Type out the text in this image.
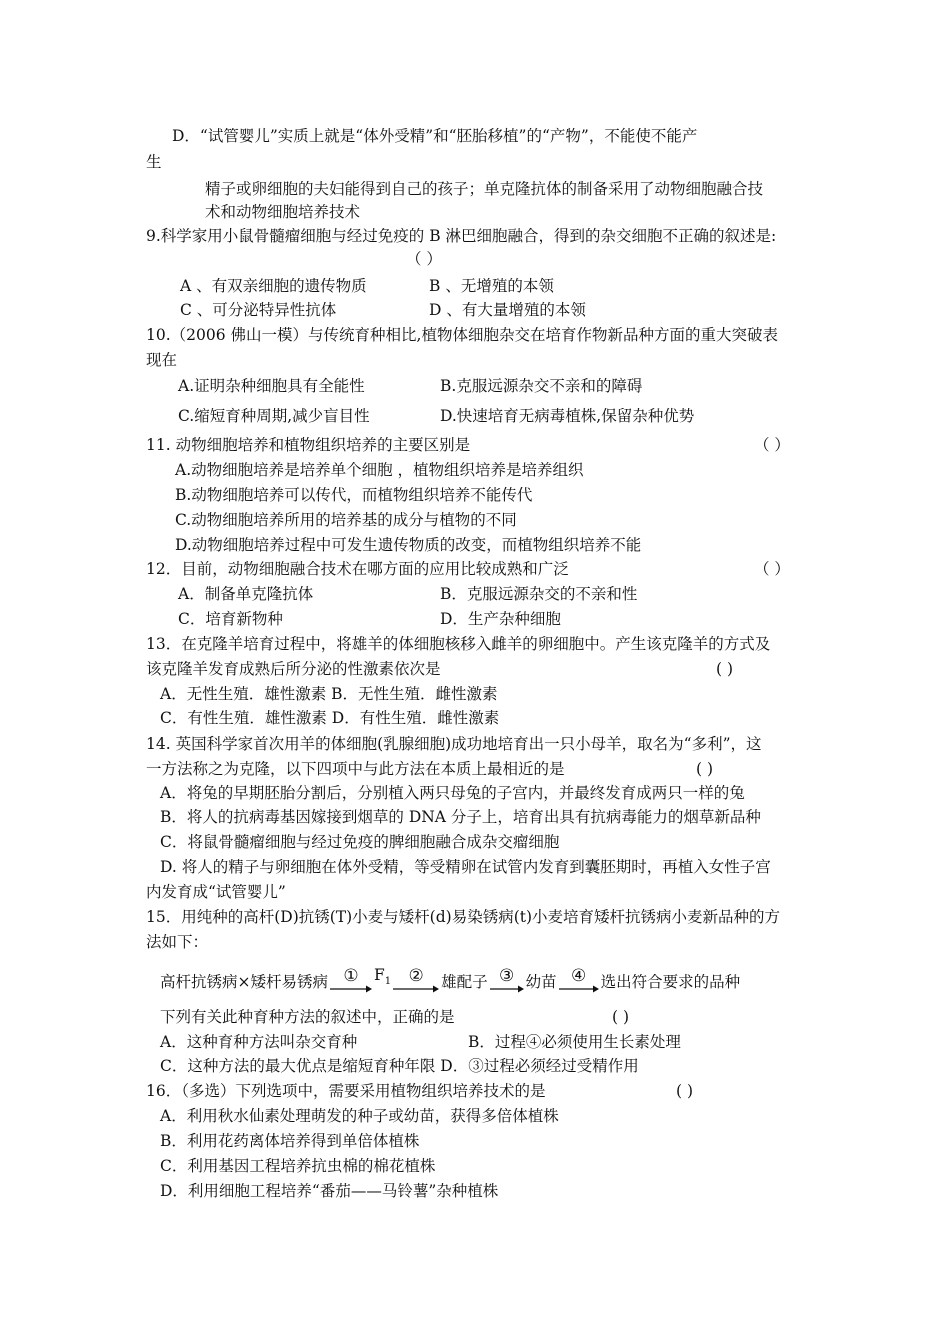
D．“试管婴儿”实质上就是“体外受精”和“胚胎移植”的“产物”，不能使不能产
生
精子或卵细胞的夫妇能得到自己的孩子；单克隆抗体的制备采用了动物细胞融合技
术和动物细胞培养技术
9.科学家用小鼠骨髓瘤细胞与经过免疫的 B 淋巴细胞融合，得到的杂交细胞不正确的叙述是:
（ ）
A 、有双亲细胞的遗传物质	B 、无增殖的本领
C 、可分泌特异性抗体	D 、有大量增殖的本领
10.（2006 佛山一模）与传统育种相比,植物体细胞杂交在培育作物新品种方面的重大突破表
现在
A.证明杂种细胞具有全能性	B.克服远源杂交不亲和的障碍
C.缩短育种周期,减少盲目性	D.快速培育无病毒植株,保留杂种优势
11. 动物细胞培养和植物组织培养的主要区别是	（ ）
A.动物细胞培养是培养单个细胞 ，植物组织培养是培养组织
B.动物细胞培养可以传代，而植物组织培养不能传代
C.动物细胞培养所用的培养基的成分与植物的不同
D.动物细胞培养过程中可发生遗传物质的改变，而植物组织培养不能
12．目前，动物细胞融合技术在哪方面的应用比较成熟和广泛	（ ）
A．制备单克隆抗体	B．克服远源杂交的不亲和性
C．培育新物种	D．生产杂种细胞
13．在克隆羊培育过程中，将雄羊的体细胞核移入雌羊的卵细胞中。产生该克隆羊的方式及
该克隆羊发育成熟后所分泌的性激素依次是	( )
A．无性生殖．雄性激素 B．无性生殖．雌性激素
C．有性生殖．雄性激素 D．有性生殖．雌性激素
14. 英国科学家首次用羊的体细胞(乳腺细胞)成功地培育出一只小母羊，取名为“多利”，这
一方法称之为克隆，以下四项中与此方法在本质上最相近的是	( )
A．将兔的早期胚胎分割后，分别植入两只母兔的子宫内，并最终发育成两只一样的兔
B．将人的抗病毒基因嫁接到烟草的 DNA 分子上，培育出具有抗病毒能力的烟草新品种
C．将鼠骨髓瘤细胞与经过免疫的脾细胞融合成杂交瘤细胞
D. 将人的精子与卵细胞在体外受精，等受精卵在试管内发育到囊胚期时，再植入女性子宫
内发育成“试管婴儿”
15．用纯种的高杆(D)抗锈(T)小麦与矮杆(d)易染锈病(t)小麦培育矮杆抗锈病小麦新品种的方
法如下：
高杆抗锈病×矮杆易锈病 ① $F_1$ ② 雄配子 ③ 幼苗 ④ 选出符合要求的品种
下列有关此种育种方法的叙述中，正确的是	( )
A．这种育种方法叫杂交育种	B．过程④必须使用生长素处理
C．这种方法的最大优点是缩短育种年限 D．③过程必须经过受精作用
16．（多选）下列选项中，需要采用植物组织培养技术的是	( )
A．利用秋水仙素处理萌发的种子或幼苗，获得多倍体植株
B．利用花药离体培养得到单倍体植株
C．利用基因工程培养抗虫棉的棉花植株
D．利用细胞工程培养“番茄——马铃薯”杂种植株
